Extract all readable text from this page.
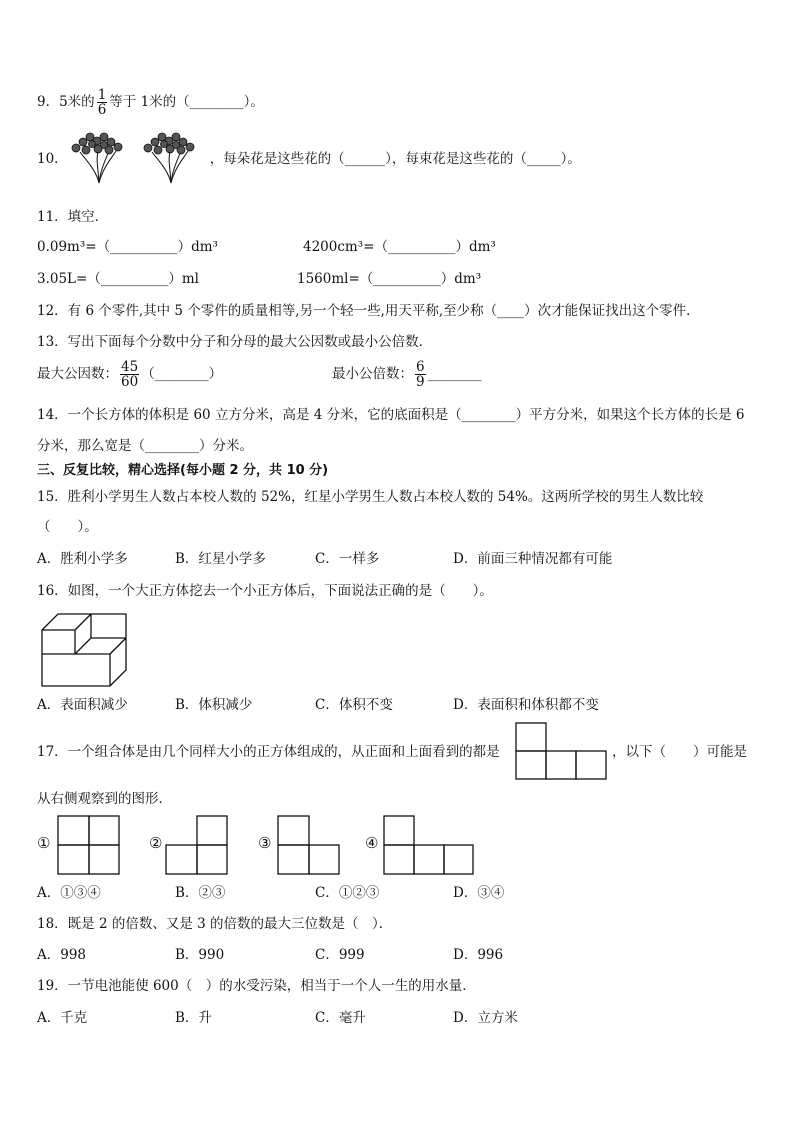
9．5米的 $\frac{1}{6}$ 等于 1米的（________）。
10．	，每朵花是这些花的（______），每束花是这些花的（_____）。
11．填空．
0.09m³=（__________）dm³	4200cm³=（__________）dm³
3.05L=（__________）ml	1560ml=（__________）dm³
12．有 6 个零件,其中 5 个零件的质量相等,另一个轻一些,用天平称,至少称（____）次才能保证找出这个零件．
13．写出下面每个分数中分子和分母的最大公因数或最小公倍数．
最大公因数： $\frac{45}{60}$ （________）	最小公倍数： $\frac{6}{9}$ ________
14．一个长方体的体积是 60 立方分米，高是 4 分米，它的底面积是（________）平方分米，如果这个长方体的长是 6
分米，那么宽是（________）分米。
三、反复比较，精心选择(每小题 2 分，共 10 分)
15．胜利小学男生人数占本校人数的 52%，红星小学男生人数占本校人数的 54%。这两所学校的男生人数比较
（　　）。
A．胜利小学多	B．红星小学多	C．一样多	D．前面三种情况都有可能
16．如图，一个大正方体挖去一个小正方体后，下面说法正确的是（　　）。
A．表面积减少	B．体积减少	C．体积不变	D．表面积和体积都不变
17．一个组合体是由几个同样大小的正方体组成的，从正面和上面看到的都是	，以下（　　）可能是
从右侧观察到的图形．
①	②	③	④
A．①③④	B．②③	C．①②③	D．③④
18．既是 2 的倍数、又是 3 的倍数的最大三位数是（　）．
A．998	B．990	C．999	D．996
19．一节电池能使 600（　）的水受污染，相当于一个人一生的用水量．
A．千克	B．升	C．毫升	D．立方米
